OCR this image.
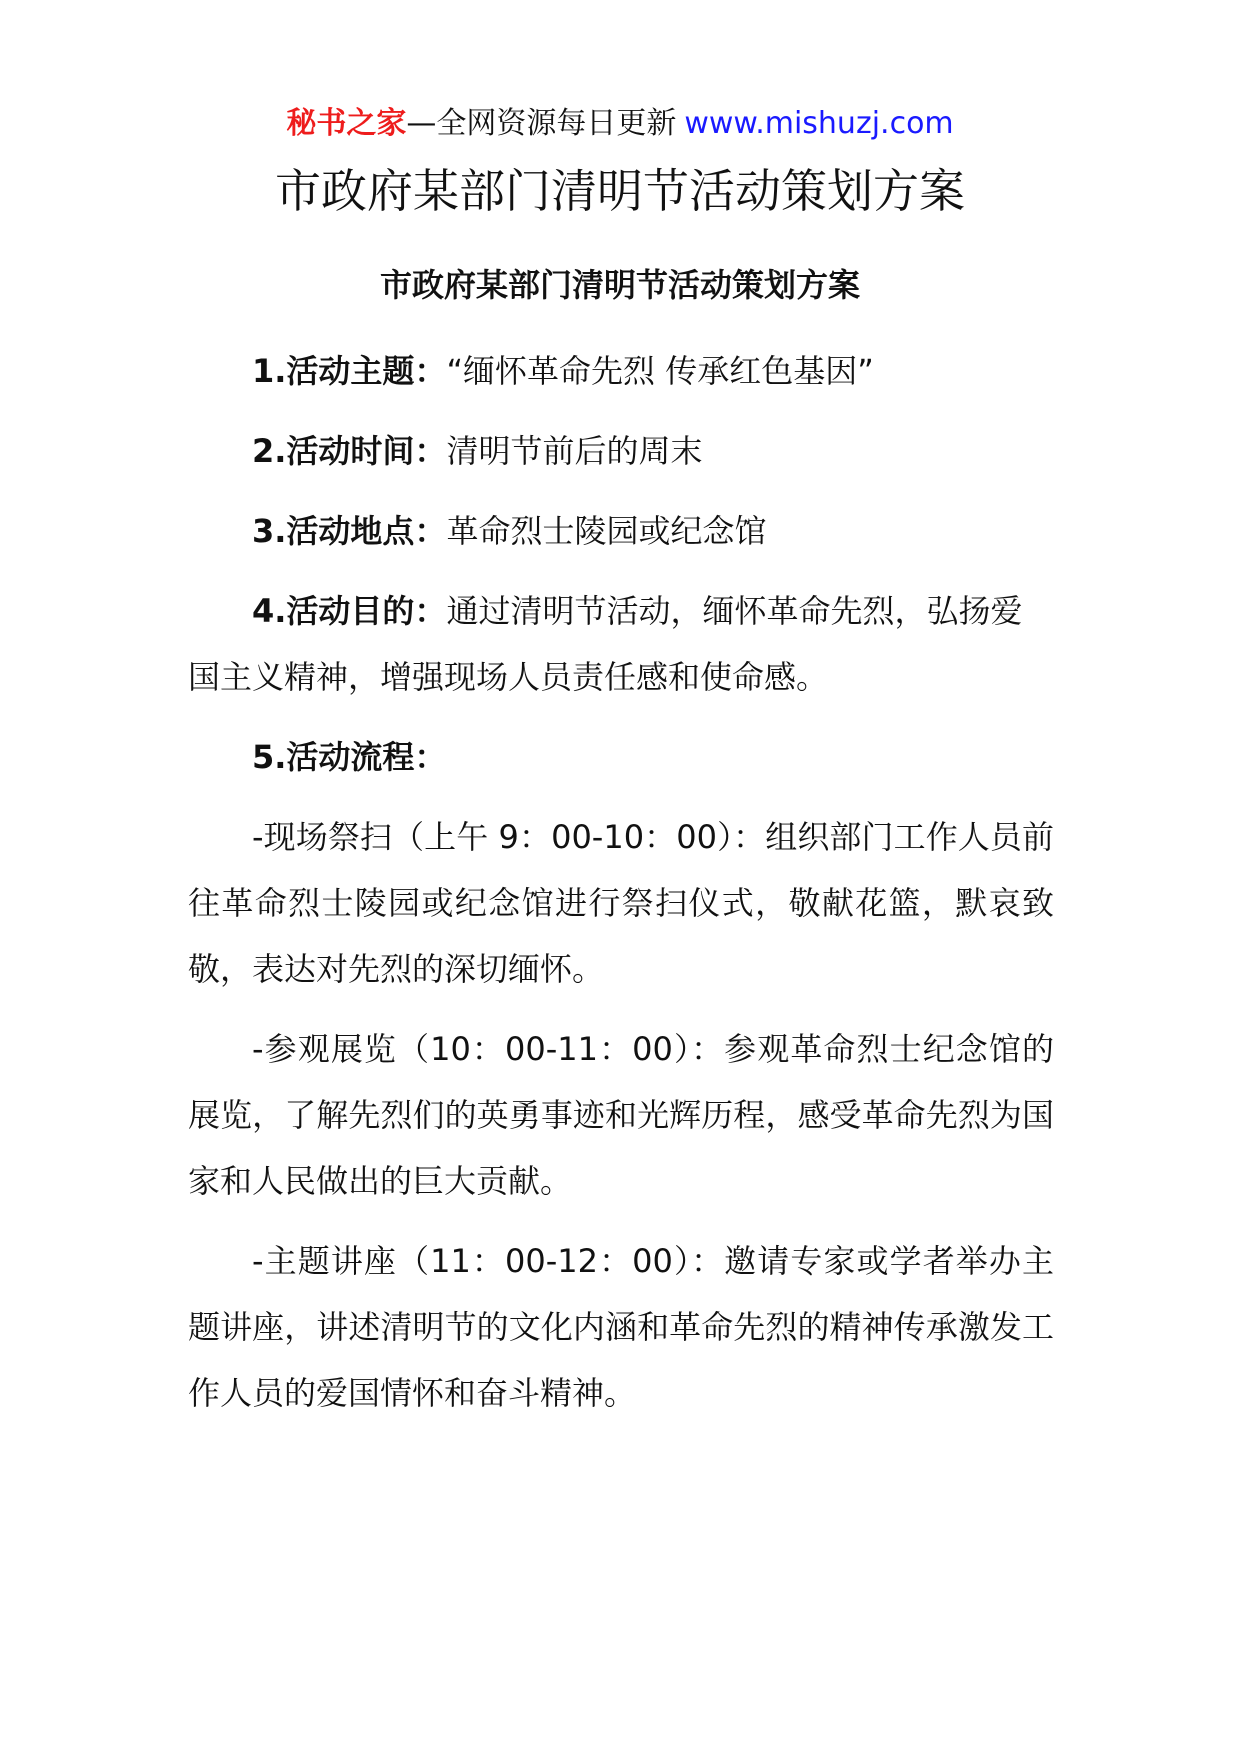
秘书之家—全网资源每日更新 www.mishuzj.com
市政府某部门清明节活动策划方案
市政府某部门清明节活动策划方案

1.活动主题：“缅怀革命先烈 传承红色基因”

2.活动时间：清明节前后的周末

3.活动地点：革命烈士陵园或纪念馆

4.活动目的：通过清明节活动，缅怀革命先烈，弘扬爱国主义精神，增强现场人员责任感和使命感。

5.活动流程：

-现场祭扫（上午 9：00-10：00）：组织部门工作人员前往革命烈士陵园或纪念馆进行祭扫仪式，敬献花篮，默哀致敬，表达对先烈的深切缅怀。

-参观展览（10：00-11：00）：参观革命烈士纪念馆的展览，了解先烈们的英勇事迹和光辉历程，感受革命先烈为国家和人民做出的巨大贡献。

-主题讲座（11：00-12：00）：邀请专家或学者举办主题讲座，讲述清明节的文化内涵和革命先烈的精神传承激发工作人员的爱国情怀和奋斗精神。
